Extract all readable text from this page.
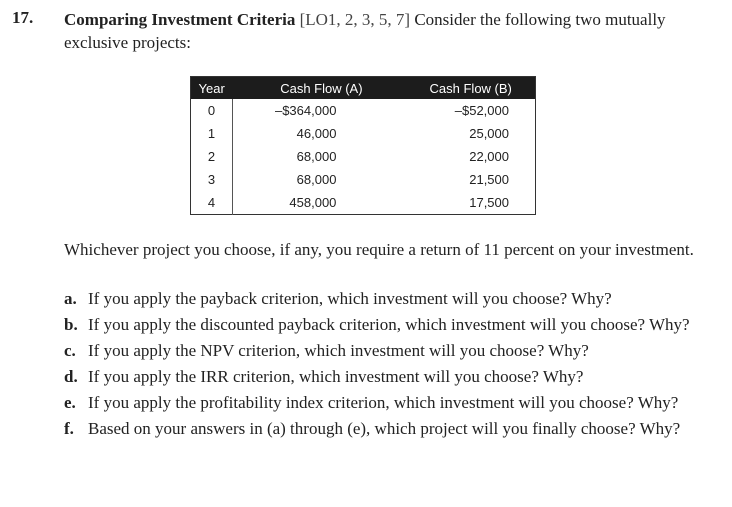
17. Comparing Investment Criteria [LO1, 2, 3, 5, 7] Consider the following two mutually exclusive projects:
Year	Cash Flow (A)	Cash Flow (B)
0	–$364,000	–$52,000
1	46,000	25,000
2	68,000	22,000
3	68,000	21,500
4	458,000	17,500
Whichever project you choose, if any, you require a return of 11 percent on your investment.
a. If you apply the payback criterion, which investment will you choose? Why?
b. If you apply the discounted payback criterion, which investment will you choose? Why?
c. If you apply the NPV criterion, which investment will you choose? Why?
d. If you apply the IRR criterion, which investment will you choose? Why?
e. If you apply the profitability index criterion, which investment will you choose? Why?
f. Based on your answers in (a) through (e), which project will you finally choose? Why?
